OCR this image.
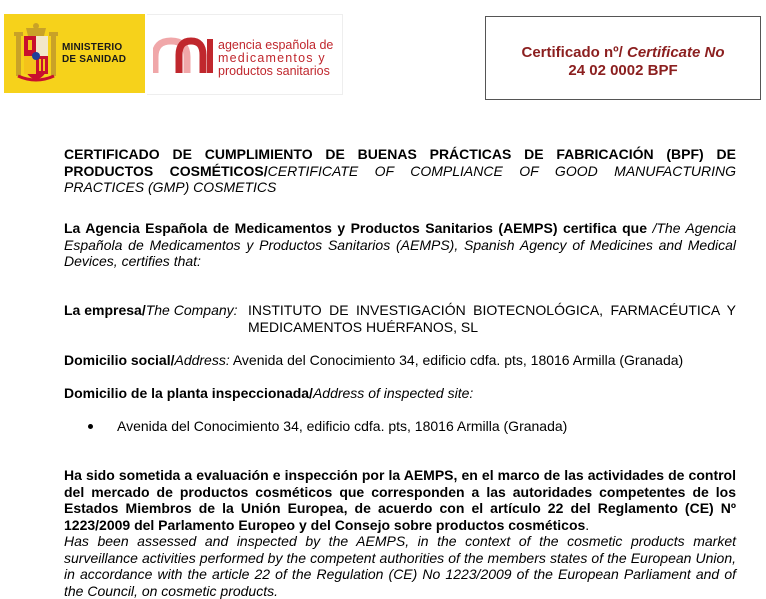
MINISTERIO
DE SANIDAD
agencia española de
medicamentos y
productos sanitarios
Certificado nº/ Certificate No
24 02 0002 BPF
CERTIFICADO DE CUMPLIMIENTO DE BUENAS PRÁCTICAS DE FABRICACIÓN (BPF) DE PRODUCTOS COSMÉTICOS/CERTIFICATE OF COMPLIANCE OF GOOD MANUFACTURING PRACTICES (GMP) COSMETICS
La Agencia Española de Medicamentos y Productos Sanitarios (AEMPS) certifica que /The Agencia Española de Medicamentos y Productos Sanitarios (AEMPS), Spanish Agency of Medicines and Medical Devices, certifies that:
La empresa/The Company: INSTITUTO DE INVESTIGACIÓN BIOTECNOLÓGICA, FARMACÉUTICA Y MEDICAMENTOS HUÉRFANOS, SL
Domicilio social/Address: Avenida del Conocimiento 34, edificio cdfa. pts, 18016 Armilla (Granada)
Domicilio de la planta inspeccionada/Address of inspected site:
Avenida del Conocimiento 34, edificio cdfa. pts, 18016 Armilla (Granada)
Ha sido sometida a evaluación e inspección por la AEMPS, en el marco de las actividades de control del mercado de productos cosméticos que corresponden a las autoridades competentes de los Estados Miembros de la Unión Europea, de acuerdo con el artículo 22 del Reglamento (CE) Nº 1223/2009 del Parlamento Europeo y del Consejo sobre productos cosméticos.
Has been assessed and inspected by the AEMPS, in the context of the cosmetic products market surveillance activities performed by the competent authorities of the members states of the European Union, in accordance with the article 22 of the Regulation (CE) No 1223/2009 of the European Parliament and of the Council, on cosmetic products.
